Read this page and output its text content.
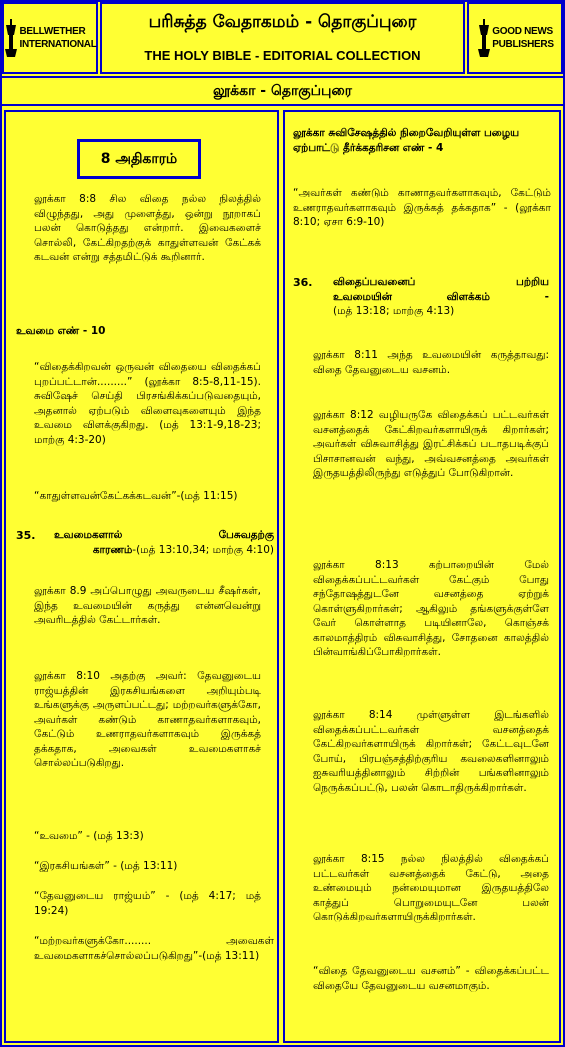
BELLWETHER
INTERNATIONAL
பரிசுத்த வேதாகமம் - தொகுப்புரை
THE HOLY BIBLE - EDITORIAL COLLECTION
GOOD NEWS
PUBLISHERS
லூக்கா - தொகுப்புரை
8 அதிகாரம்
லூக்கா 8:8 சில விதை நல்ல நிலத்தில் விழுந்தது, அது முளைத்து, ஒன்று நூறாகப் பலன் கொடுத்தது என்றார். இவைகளைச் சொல்லி, கேட்கிறதற்குக் காதுள்ளவன் கேட்கக் கடவன் என்று சத்தமிட்டுக் கூறினார்.
உவமை எண் - 10
“விதைக்கிறவன் ஒருவன் விதையை விதைக்கப் புறப்பட்டான்.........” (லூக்கா 8:5-8,11-15). சுவிஷேச் செய்தி பிரசங்கிக்கப்படுவதையும், அதனால் ஏற்படும் விளைவுகளையும் இந்த உவமை விளக்குகிறது. (மத் 13:1-9,18-23; மாற்கு 4:3-20)
“காதுள்ளவன்கேட்கக்கடவன்”-(மத் 11:15)
35. உவமைகளால் பேசுவதற்கு
காரணம்-(மத் 13:10,34; மாற்கு 4:10)
லூக்கா 8.9 அப்பொழுது அவருடைய சீஷர்கள், இந்த உவமையின் கருத்து என்னவென்று அவரிடத்தில் கேட்டார்கள்.
லூக்கா 8:10 அதற்கு அவர்: தேவனுடைய ராஜ்யத்தின் இரகசியங்களை அறியும்படி உங்களுக்கு அருளப்பட்டது; மற்றவர்களுக்கோ, அவர்கள் கண்டும் காணாதவர்களாகவும், கேட்டும் உணராதவர்களாகவும் இருக்கத் தக்கதாக, அவைகள் உவமைகளாகச் சொல்லப்படுகிறது.
“உவமை” - (மத் 13:3)
“இரகசியங்கள்” - (மத் 13:11)
“தேவனுடைய ராஜ்யம்” - (மத் 4:17; மத் 19:24)
“மற்றவர்களுக்கோ........ அவைகள் உவமைகளாகச்சொல்லப்படுகிறது”-(மத் 13:11)
லூக்கா சுவிசேஷத்தில் நிறைவேறியுள்ள பழைய ஏற்பாட்டு தீர்க்கதரிசன எண் - 4
“அவர்கள் கண்டும் காணாதவர்களாகவும், கேட்டும் உணராதவர்களாகவும் இருக்கத் தக்கதாக” - (லூக்கா 8:10; ஏசா 6:9-10)
36. விதைப்பவனைப் பற்றிய
உவமையின் விளக்கம் -
(மத் 13:18; மாற்கு 4:13)
லூக்கா 8:11 அந்த உவமையின் கருத்தாவது: விதை தேவனுடைய வசனம்.
லூக்கா 8:12 வழியருகே விதைக்கப் பட்டவர்கள் வசனத்தைக் கேட்கிறவர்களாயிருக் கிறார்கள்; அவர்கள் விசுவாசித்து இரட்சிக்கப் படாதபடிக்குப் பிசாசானவன் வந்து, அவ்வசனத்தை அவர்கள் இருதயத்திலிருந்து எடுத்துப் போடுகிறான்.
லூக்கா 8:13 கற்பாறையின் மேல் விதைக்கப்பட்டவர்கள் கேட்கும் போது சந்தோஷத்துடனே வசனத்தை ஏற்றுக் கொள்ளுகிறார்கள்; ஆகிலும் தங்களுக்குள்ளே வேர் கொள்ளாத படியினாலே, கொஞ்சக் காலமாத்திரம் விசுவாசித்து, சோதனை காலத்தில் பின்வாங்கிப்போகிறார்கள்.
லூக்கா 8:14 முள்ளுள்ள இடங்களில் விதைக்கப்பட்டவர்கள் வசனத்தைக் கேட்கிறவர்களாயிருக் கிறார்கள்; கேட்டவுடனே போய், பிரபஞ்சத்திற்குரிய கவலைகளினாலும் ஐசுவரியத்தினாலும் சிற்றின் பங்களினாலும் நெருக்கப்பட்டு, பலன் கொடாதிருக்கிறார்கள்.
லூக்கா 8:15 நல்ல நிலத்தில் விதைக்கப் பட்டவர்கள் வசனத்தைக் கேட்டு, அதை உண்மையும் நன்மையுமான இருதயத்திலே காத்துப் பொறுமையுடனே பலன் கொடுக்கிறவர்களாயிருக்கிறார்கள்.
“விதை தேவனுடைய வசனம்” - விதைக்கப்பட்ட விதையே தேவனுடைய வசனமாகும்.
